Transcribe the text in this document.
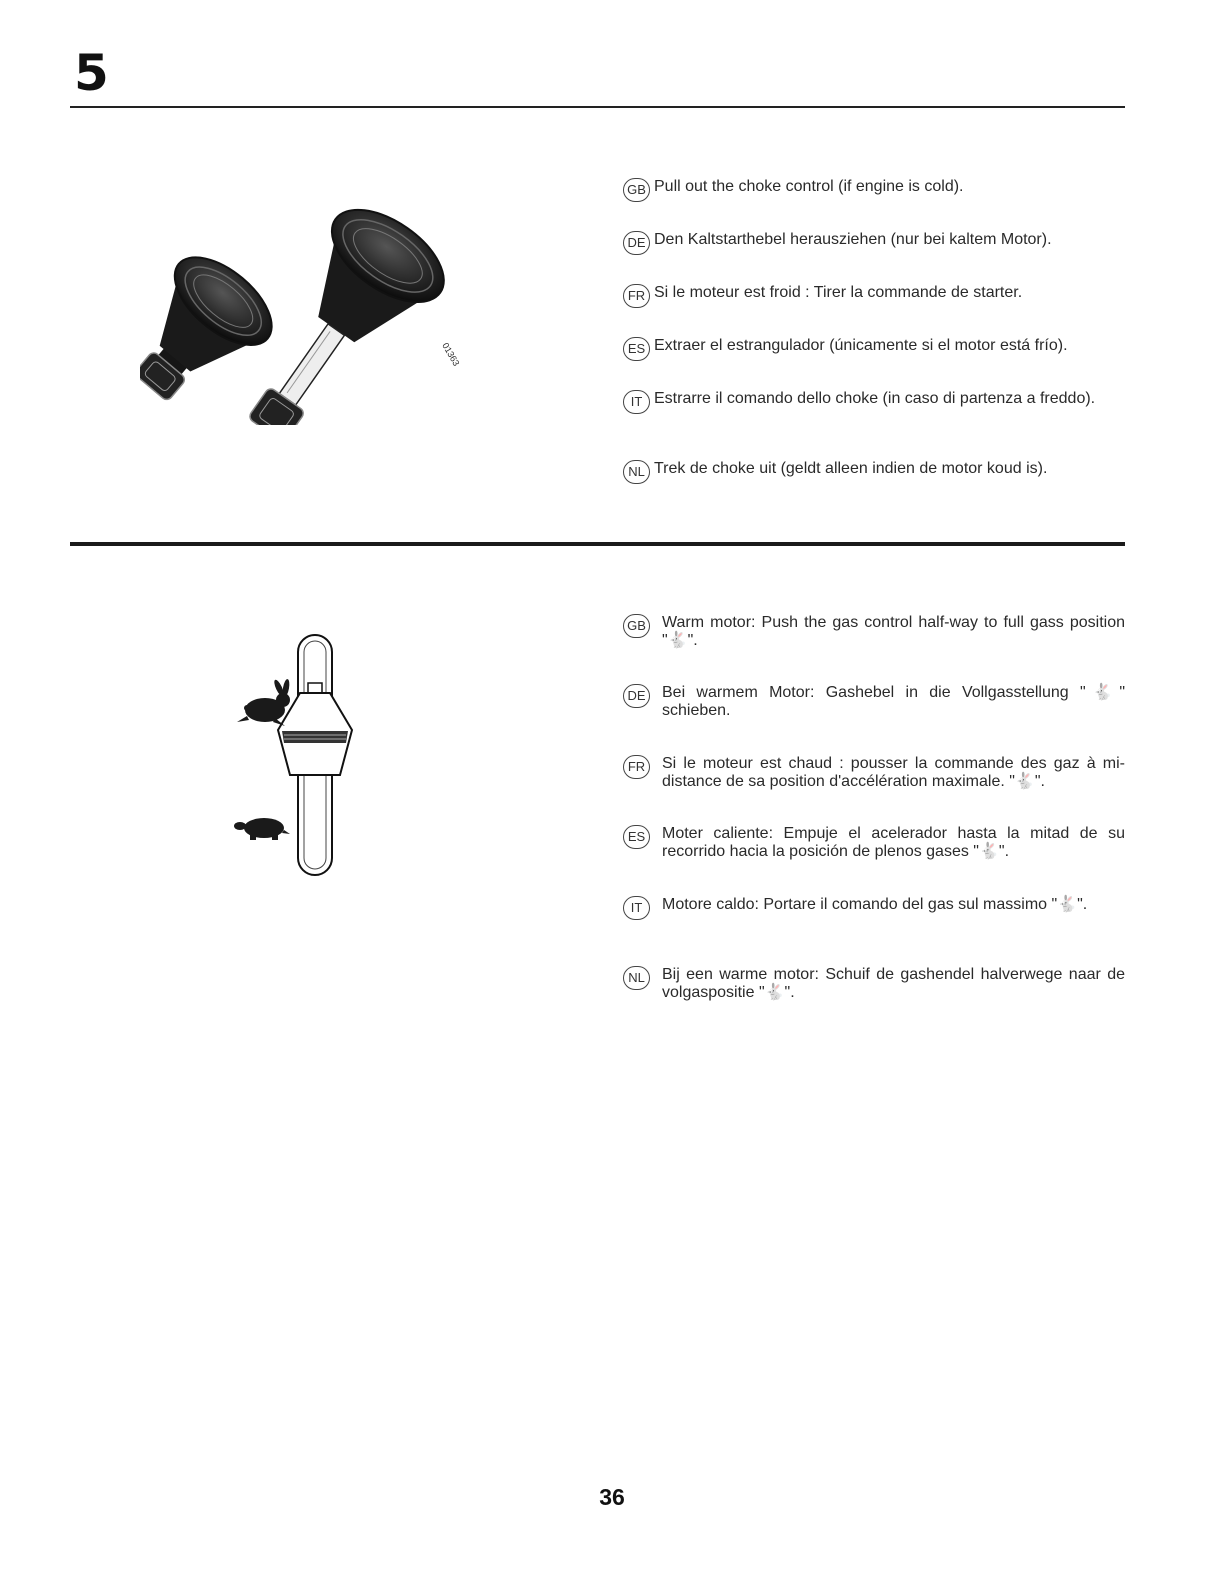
5
01363
GB Pull out the choke control (if engine is cold).
DE Den Kaltstarthebel herausziehen (nur bei kaltem Motor).
FR Si le moteur est froid : Tirer la commande de starter.
ES Extraer el estrangulador (únicamente si el motor está frío).
IT Estrarre il comando dello choke (in caso di partenza a freddo).
NL Trek de choke uit (geldt alleen indien de motor koud is).
GB	Warm motor: Push the gas control half-way to full gass position "🐇".
DE	Bei warmem Motor: Gashebel in die Vollgasstellung "🐇" schieben.
FR	Si le moteur est chaud : pousser la commande des gaz à mi-distance de sa position d'accélération maximale. "🐇".
ES	Moter caliente: Empuje el acelerador hasta la mitad de su recorrido hacia la posición de plenos gases "🐇".
IT	Motore caldo: Portare il comando del gas sul massimo "🐇".
NL	Bij een warme motor: Schuif de gashendel halverwege naar de volgaspositie "🐇".
36
